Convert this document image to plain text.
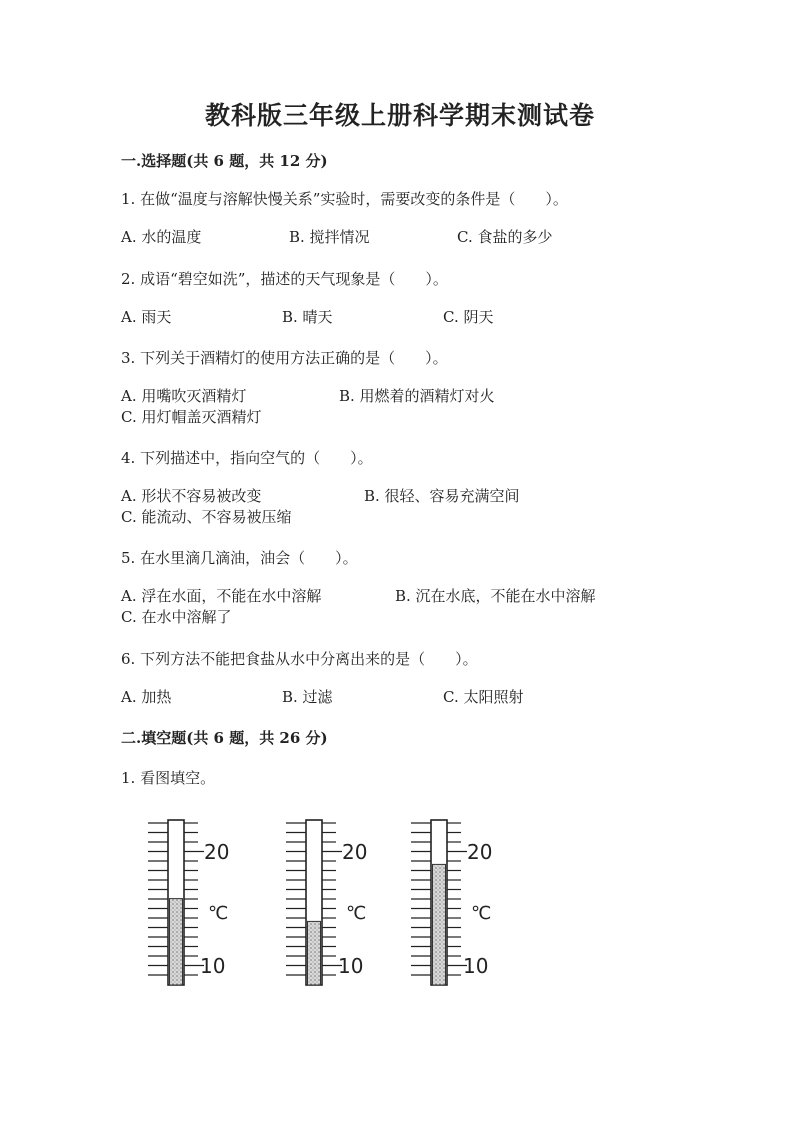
教科版三年级上册科学期末测试卷
一.选择题(共 6 题，共 12 分)
1. 在做“温度与溶解快慢关系”实验时，需要改变的条件是（　　）。
A. 水的温度	B. 搅拌情况	C. 食盐的多少
2. 成语“碧空如洗”，描述的天气现象是（　　）。
A. 雨天	B. 晴天	C. 阴天
3. 下列关于酒精灯的使用方法正确的是（　　）。
A. 用嘴吹灭酒精灯	B. 用燃着的酒精灯对火C. 用灯帽盖灭酒精灯
4. 下列描述中，指向空气的（　　）。
A. 形状不容易被改变	B. 很轻、容易充满空间C. 能流动、不容易被压缩
5. 在水里滴几滴油，油会（　　）。
A. 浮在水面，不能在水中溶解	B. 沉在水底，不能在水中溶解C. 在水中溶解了
6. 下列方法不能把食盐从水中分离出来的是（　　）。
A. 加热	B. 过滤	C. 太阳照射
二.填空题(共 6 题，共 26 分)
1. 看图填空。
20
℃
10
20
℃
10
20
℃
10
